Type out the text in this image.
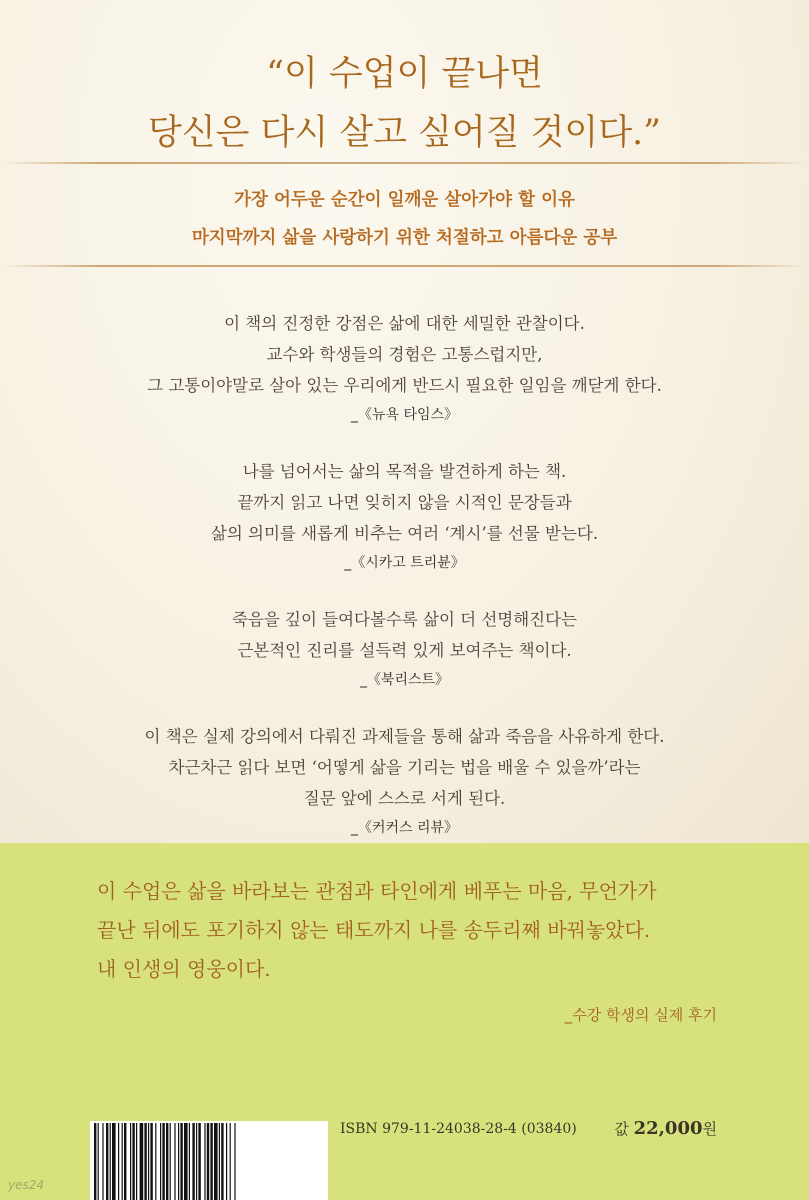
“이 수업이 끝나면
당신은 다시 살고 싶어질 것이다.”
가장 어두운 순간이 일깨운 살아가야 할 이유
마지막까지 삶을 사랑하기 위한 처절하고 아름다운 공부
이 책의 진정한 강점은 삶에 대한 세밀한 관찰이다.
교수와 학생들의 경험은 고통스럽지만,
그 고통이야말로 살아 있는 우리에게 반드시 필요한 일임을 깨닫게 한다.
_《뉴욕 타임스》
나를 넘어서는 삶의 목적을 발견하게 하는 책.
끝까지 읽고 나면 잊히지 않을 시적인 문장들과
삶의 의미를 새롭게 비추는 여러 ‘계시’를 선물 받는다.
_《시카고 트리뷴》
죽음을 깊이 들여다볼수록 삶이 더 선명해진다는
근본적인 진리를 설득력 있게 보여주는 책이다.
_《북리스트》
이 책은 실제 강의에서 다뤄진 과제들을 통해 삶과 죽음을 사유하게 한다.
차근차근 읽다 보면 ‘어떻게 삶을 기리는 법을 배울 수 있을까’라는
질문 앞에 스스로 서게 된다.
_《커커스 리뷰》
이 수업은 삶을 바라보는 관점과 타인에게 베푸는 마음, 무언가가
끝난 뒤에도 포기하지 않는 태도까지 나를 송두리째 바꿔놓았다.
내 인생의 영웅이다.
_수강 학생의 실제 후기
ISBN 979-11-24038-28-4 (03840)	값 22,000원
yes24
